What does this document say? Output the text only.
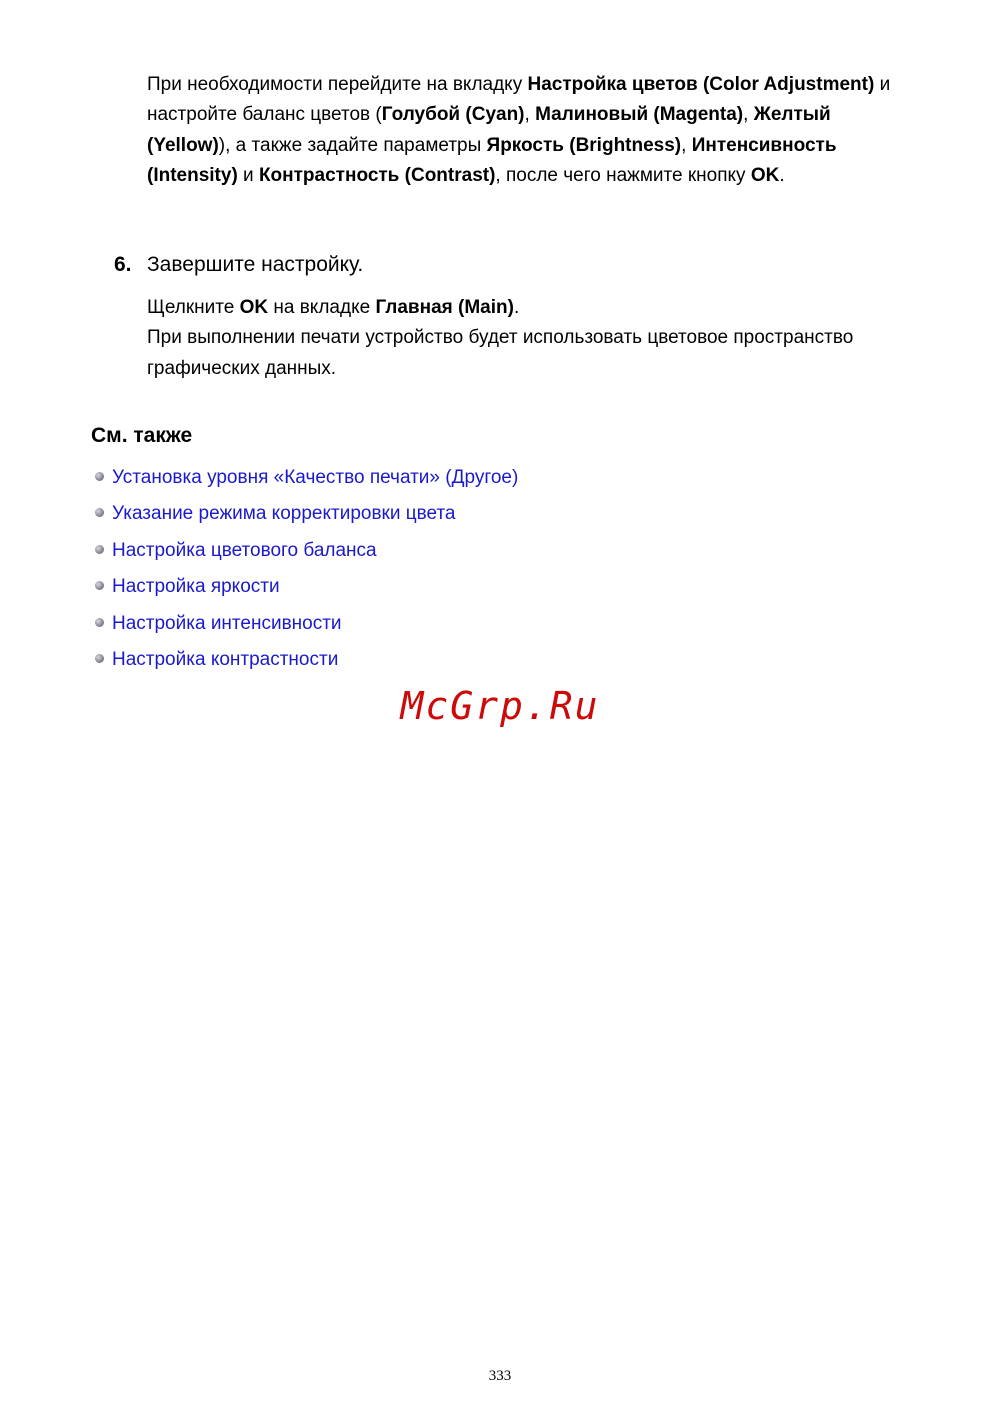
При необходимости перейдите на вкладку Настройка цветов (Color Adjustment) и настройте баланс цветов (Голубой (Cyan), Малиновый (Magenta), Желтый (Yellow)), а также задайте параметры Яркость (Brightness), Интенсивность (Intensity) и Контрастность (Contrast), после чего нажмите кнопку OK.

6. Завершите настройку.
Щелкните OK на вкладке Главная (Main).
При выполнении печати устройство будет использовать цветовое пространство графических данных.
См. также
Установка уровня «Качество печати» (Другое)
Указание режима корректировки цвета
Настройка цветового баланса
Настройка яркости
Настройка интенсивности
Настройка контрастности
McGrp.Ru
333
